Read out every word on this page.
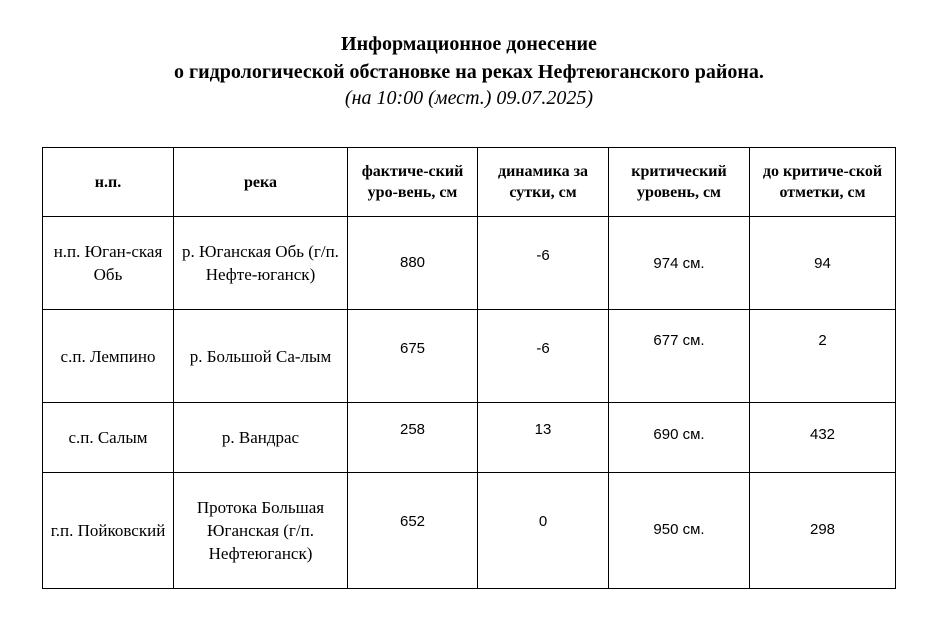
Информационное донесение
о гидрологической обстановке на реках Нефтеюганского района.
(на 10:00 (мест.) 09.07.2025)
н.п.	река	фактиче-ский уро-вень, см	динамика за сутки, см	критический уровень, см	до критиче-ской отметки, см
н.п. Юган-ская Обь	р. Юганская Обь (г/п. Нефте-юганск)	880	-6	974 см.	94

с.п. Лемпино	р. Большой Са-лым	675	-6	677 см.	2

с.п. Салым	р. Вандрас	258	13	690 см.	432

г.п. Пойковский	Протока Большая Юганская (г/п. Нефтеюганск)	652	0	950 см.	298
